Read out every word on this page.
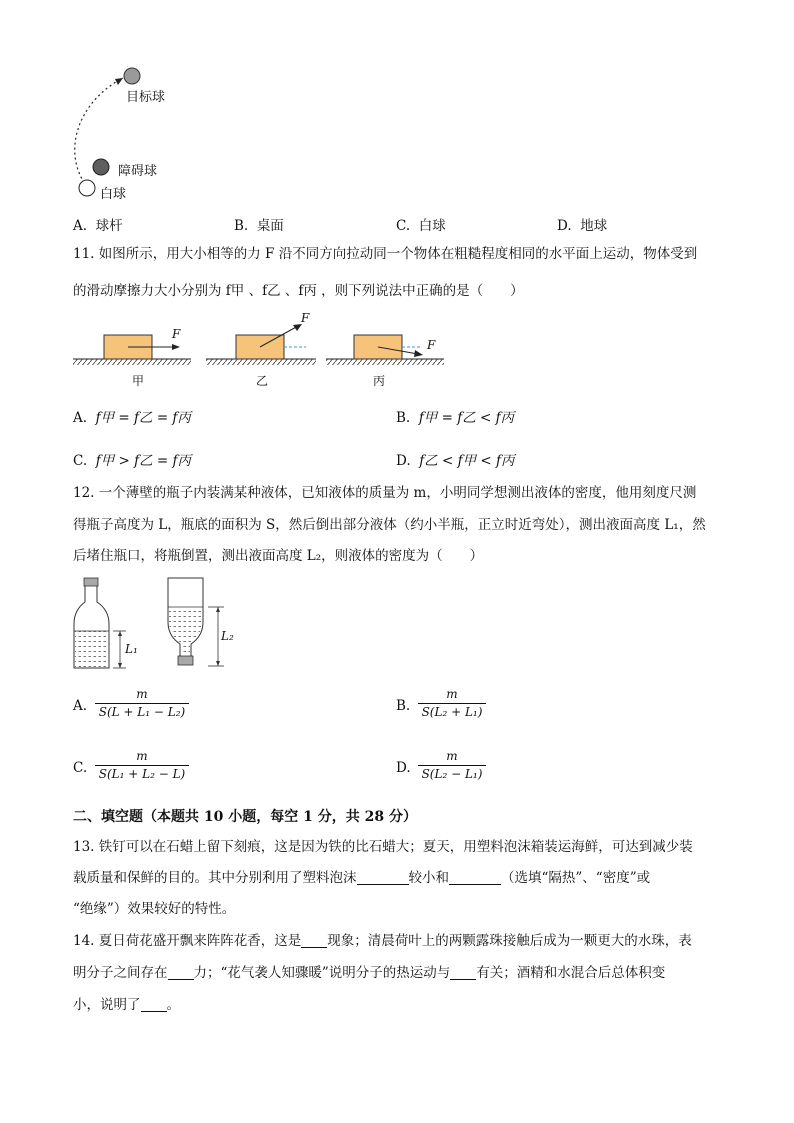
目标球
障碍球
白球
A. 球杆	B. 桌面	C. 白球	D. 地球
11. 如图所示，用大小相等的力 F 沿不同方向拉动同一个物体在粗糙程度相同的水平面上运动，物体受到
的滑动摩擦力大小分别为 f甲 、f乙 、f丙 ，则下列说法中正确的是（　　）
F
F
F
甲	乙	丙
A. f甲 = f乙 = f丙	B. f甲 = f乙 < f丙
C. f甲 > f乙 = f丙	D. f乙 < f甲 < f丙
12. 一个薄壁的瓶子内装满某种液体，已知液体的质量为 m，小明同学想测出液体的密度，他用刻度尺测
得瓶子高度为 L，瓶底的面积为 S，然后倒出部分液体（约小半瓶，正立时近弯处），测出液面高度 L₁，然
后堵住瓶口，将瓶倒置，测出液面高度 L₂，则液体的密度为（　　）
L₁
L₂
A.
m
S(L + L₁ − L₂)	B.
m
S(L₂ + L₁)
C.
m
S(L₁ + L₂ − L)	D.
m
S(L₂ − L₁)
二、填空题（本题共 10 小题，每空 1 分，共 28 分）
13. 铁钉可以在石蜡上留下刻痕，这是因为铁的比石蜡大；夏天，用塑料泡沫箱装运海鲜，可达到减少装
载质量和保鲜的目的。其中分别利用了塑料泡沫	较小和	（选填“隔热”、“密度”或
“绝缘”）效果较好的特性。
14. 夏日荷花盛开飘来阵阵花香，这是 现象；清晨荷叶上的两颗露珠接触后成为一颗更大的水珠，表
明分子之间存在 力；“花气袭人知骤暖”说明分子的热运动与 有关；酒精和水混合后总体积变
小，说明了 。
